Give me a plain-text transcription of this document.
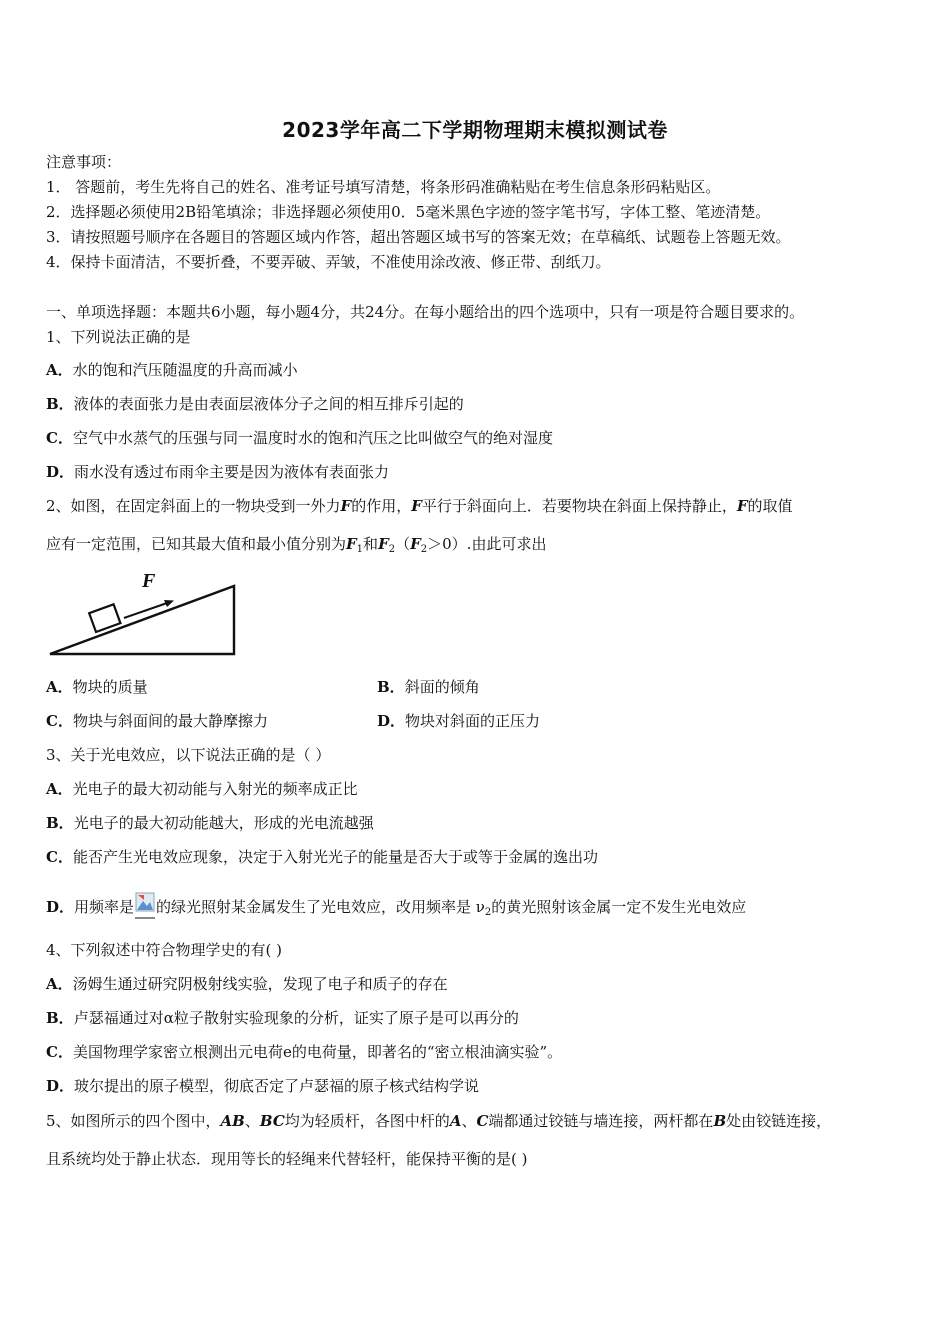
2023学年高二下学期物理期末模拟测试卷
注意事项：
1． 答题前，考生先将自己的姓名、准考证号填写清楚，将条形码准确粘贴在考生信息条形码粘贴区。
2．选择题必须使用2B铅笔填涂；非选择题必须使用0．5毫米黑色字迹的签字笔书写，字体工整、笔迹清楚。
3．请按照题号顺序在各题目的答题区域内作答，超出答题区域书写的答案无效；在草稿纸、试题卷上答题无效。
4．保持卡面清洁，不要折叠，不要弄破、弄皱，不准使用涂改液、修正带、刮纸刀。
一、单项选择题：本题共6小题，每小题4分，共24分。在每小题给出的四个选项中，只有一项是符合题目要求的。
1、下列说法正确的是
A．水的饱和汽压随温度的升高而减小
B．液体的表面张力是由表面层液体分子之间的相互排斥引起的
C．空气中水蒸气的压强与同一温度时水的饱和汽压之比叫做空气的绝对湿度
D．雨水没有透过布雨伞主要是因为液体有表面张力
2、如图，在固定斜面上的一物块受到一外力F的作用，F平行于斜面向上．若要物块在斜面上保持静止，F的取值
应有一定范围，已知其最大值和最小值分别为$F_1$和$F_2(F_2>0)$.由此可求出
F
A．物块的质量	B．斜面的倾角
C．物块与斜面间的最大静摩擦力	D．物块对斜面的正压力
3、关于光电效应，以下说法正确的是（ ）
A．光电子的最大初动能与入射光的频率成正比
B．光电子的最大初动能越大，形成的光电流越强
C．能否产生光电效应现象，决定于入射光光子的能量是否大于或等于金属的逸出功
D．用频率是 的绿光照射某金属发生了光电效应，改用频率是 $\nu_2$的黄光照射该金属一定不发生光电效应
4、下列叙述中符合物理学史的有( )
A．汤姆生通过研究阴极射线实验，发现了电子和质子的存在
B．卢瑟福通过对α粒子散射实验现象的分析，证实了原子是可以再分的
C．美国物理学家密立根测出元电荷e的电荷量，即著名的“密立根油滴实验”。
D．玻尔提出的原子模型，彻底否定了卢瑟福的原子核式结构学说
5、如图所示的四个图中，AB、BC均为轻质杆，各图中杆的A、C端都通过铰链与墙连接，两杆都在B处由铰链连接，
且系统均处于静止状态．现用等长的轻绳来代替轻杆，能保持平衡的是( )
